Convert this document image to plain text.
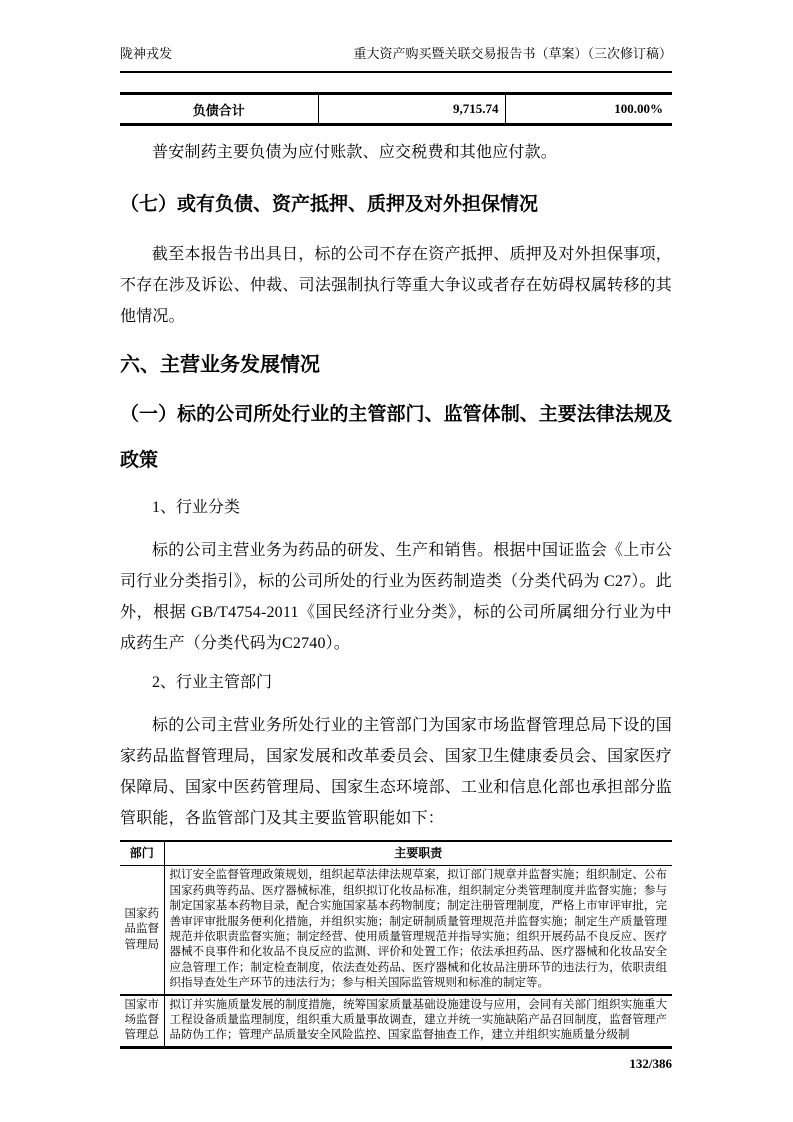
陇神戎发	重大资产购买暨关联交易报告书（草案）（三次修订稿）
负债合计	9,715.74	100.00%

普安制药主要负债为应付账款、应交税费和其他应付款。

（七）或有负债、资产抵押、质押及对外担保情况

截至本报告书出具日，标的公司不存在资产抵押、质押及对外担保事项，不存在涉及诉讼、仲裁、司法强制执行等重大争议或者存在妨碍权属转移的其他情况。

六、主营业务发展情况
（一）标的公司所处行业的主管部门、监管体制、主要法律法规及政策

1、行业分类

标的公司主营业务为药品的研发、生产和销售。根据中国证监会《上市公司行业分类指引》，标的公司所处的行业为医药制造类（分类代码为 C27）。此外，根据 GB/T4754-2011《国民经济行业分类》，标的公司所属细分行业为中成药生产（分类代码为C2740）。

2、行业主管部门

标的公司主营业务所处行业的主管部门为国家市场监督管理总局下设的国家药品监督管理局，国家发展和改革委员会、国家卫生健康委员会、国家医疗保障局、国家中医药管理局、国家生态环境部、工业和信息化部也承担部分监管职能，各监管部门及其主要监管职能如下：

部门	主要职责
国家药品监督管理局	拟订安全监督管理政策规划，组织起草法律法规草案，拟订部门规章并监督实施；组织制定、公布国家药典等药品、医疗器械标准，组织拟订化妆品标准，组织制定分类管理制度并监督实施；参与制定国家基本药物目录，配合实施国家基本药物制度；制定注册管理制度，严格上市审评审批，完善审评审批服务便利化措施，并组织实施；制定研制质量管理规范并监督实施；制定生产质量管理规范并依职责监督实施；制定经营、使用质量管理规范并指导实施；组织开展药品不良反应、医疗器械不良事件和化妆品不良反应的监测、评价和处置工作；依法承担药品、医疗器械和化妆品安全应急管理工作；制定检查制度，依法查处药品、医疗器械和化妆品注册环节的违法行为，依职责组织指导查处生产环节的违法行为；参与相关国际监管规则和标准的制定等。
国家市场监督管理总	拟订并实施质量发展的制度措施，统筹国家质量基础设施建设与应用，会同有关部门组织实施重大工程设备质量监理制度，组织重大质量事故调查，建立并统一实施缺陷产品召回制度，监督管理产品防伪工作；管理产品质量安全风险监控、国家监督抽查工作，建立并组织实施质量分级制
132/386
